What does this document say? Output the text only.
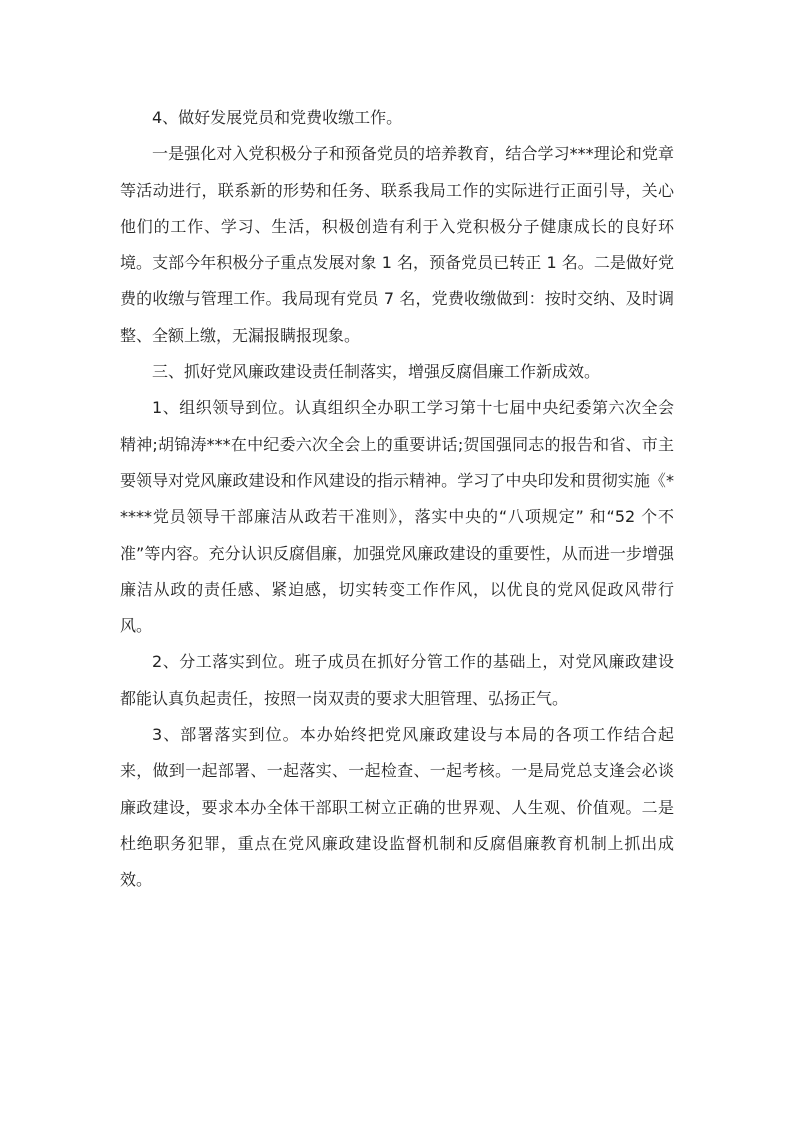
4、做好发展党员和党费收缴工作。

一是强化对入党积极分子和预备党员的培养教育，结合学习***理论和党章等活动进行，联系新的形势和任务、联系我局工作的实际进行正面引导，关心他们的工作、学习、生活，积极创造有利于入党积极分子健康成长的良好环境。支部今年积极分子重点发展对象 1 名，预备党员已转正 1 名。二是做好党费的收缴与管理工作。我局现有党员 7 名，党费收缴做到：按时交纳、及时调整、全额上缴，无漏报瞒报现象。

三、抓好党风廉政建设责任制落实，增强反腐倡廉工作新成效。

1、组织领导到位。认真组织全办职工学习第十七届中央纪委第六次全会精神;胡锦涛***在中纪委六次全会上的重要讲话;贺国强同志的报告和省、市主要领导对党风廉政建设和作风建设的指示精神。学习了中央印发和贯彻实施《*****党员领导干部廉洁从政若干准则》，落实中央的“八项规定” 和“52 个不准”等内容。充分认识反腐倡廉，加强党风廉政建设的重要性，从而进一步增强廉洁从政的责任感、紧迫感，切实转变工作作风，以优良的党风促政风带行风。

2、分工落实到位。班子成员在抓好分管工作的基础上，对党风廉政建设都能认真负起责任，按照一岗双责的要求大胆管理、弘扬正气。

3、部署落实到位。本办始终把党风廉政建设与本局的各项工作结合起来，做到一起部署、一起落实、一起检查、一起考核。一是局党总支逢会必谈廉政建设，要求本办全体干部职工树立正确的世界观、人生观、价值观。二是杜绝职务犯罪，重点在党风廉政建设监督机制和反腐倡廉教育机制上抓出成效。
